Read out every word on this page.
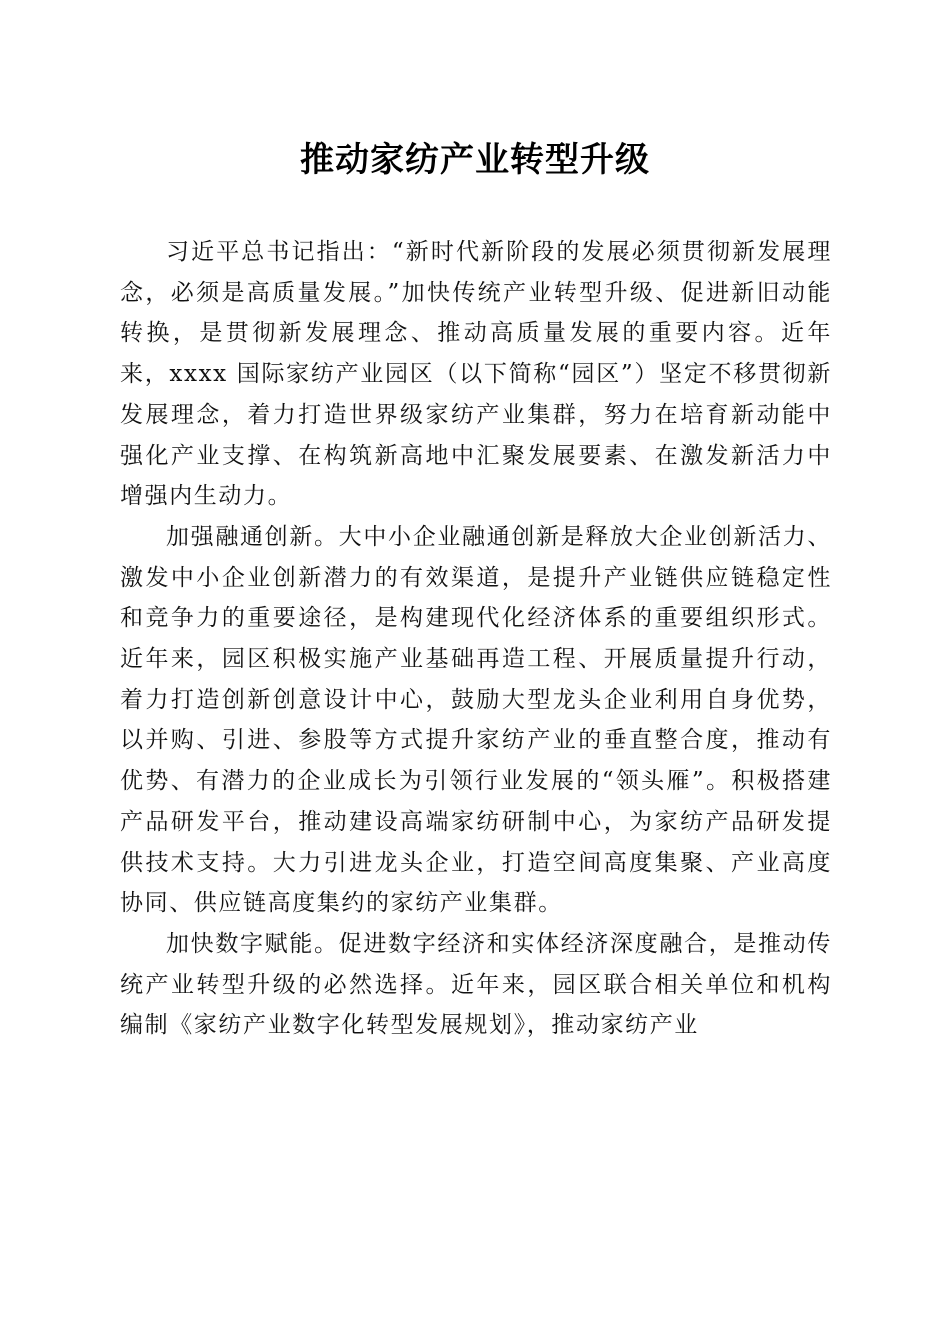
推动家纺产业转型升级

习近平总书记指出：“新时代新阶段的发展必须贯彻新发展理念，必须是高质量发展。”加快传统产业转型升级、促进新旧动能转换，是贯彻新发展理念、推动高质量发展的重要内容。近年来，xxxx 国际家纺产业园区（以下简称“园区”）坚定不移贯彻新发展理念，着力打造世界级家纺产业集群，努力在培育新动能中强化产业支撑、在构筑新高地中汇聚发展要素、在激发新活力中增强内生动力。

加强融通创新。大中小企业融通创新是释放大企业创新活力、激发中小企业创新潜力的有效渠道，是提升产业链供应链稳定性和竞争力的重要途径，是构建现代化经济体系的重要组织形式。近年来，园区积极实施产业基础再造工程、开展质量提升行动，着力打造创新创意设计中心，鼓励大型龙头企业利用自身优势，以并购、引进、参股等方式提升家纺产业的垂直整合度，推动有优势、有潜力的企业成长为引领行业发展的“领头雁”。积极搭建产品研发平台，推动建设高端家纺研制中心，为家纺产品研发提供技术支持。大力引进龙头企业，打造空间高度集聚、产业高度协同、供应链高度集约的家纺产业集群。

加快数字赋能。促进数字经济和实体经济深度融合，是推动传统产业转型升级的必然选择。近年来，园区联合相关单位和机构编制《家纺产业数字化转型发展规划》，推动家纺产业
